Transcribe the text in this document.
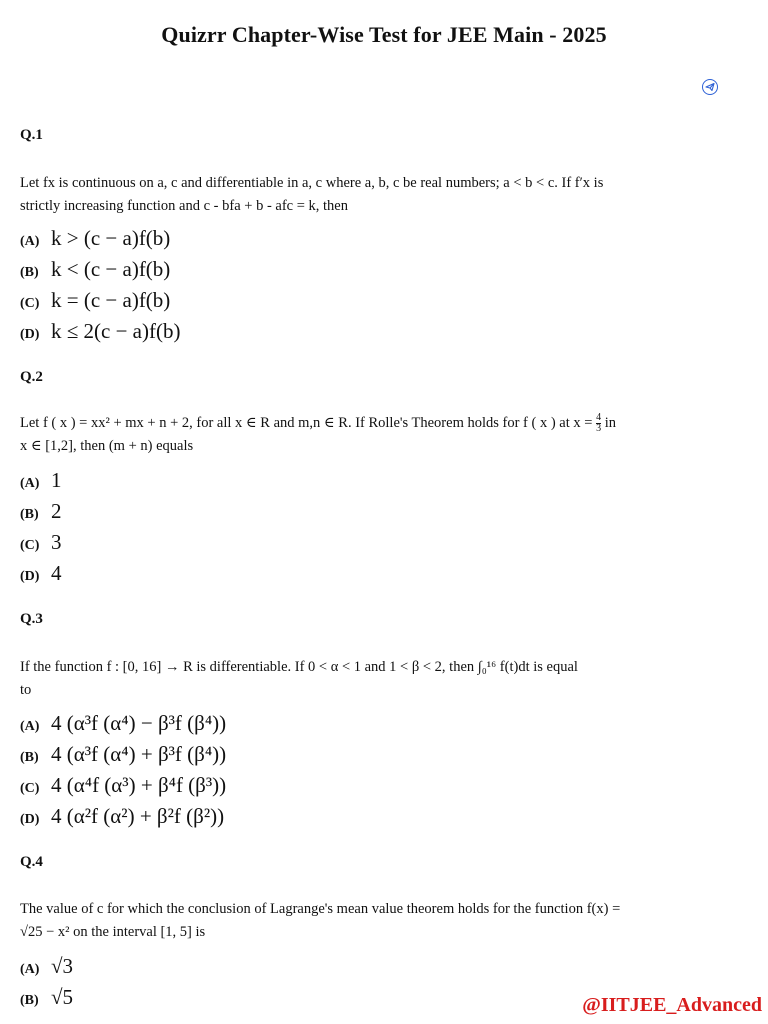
Quizrr Chapter-Wise Test for JEE Main - 2025
Q.1
Let fx is continuous on a, c and differentiable in a, c where a, b, c be real numbers; a < b < c. If f′x is
strictly increasing function and c - bfa + b - afc = k, then
(A) k > (c − a)f(b)
(B) k < (c − a)f(b)
(C) k = (c − a)f(b)
(D) k ≤ 2(c − a)f(b)
Q.2
Let f ( x ) = xx² + mx + n + 2, for all x ∈ R and m,n ∈ R. If Rolle's Theorem holds for f ( x ) at $x = \frac{4}{3}$ in
x ∈ [1,2], then (m + n) equals
(A) 1
(B) 2
(C) 3
(D) 4
Q.3
If the function f : [0, 16] → R is differentiable. If 0 < α < 1 and 1 < β < 2, then ∫₀¹⁶ f(t)dt is equal
to
(A) 4 (α³f (α⁴) − β³f (β⁴))
(B) 4 (α³f (α⁴) + β³f (β⁴))
(C) 4 (α⁴f (α³) + β⁴f (β³))
(D) 4 (α²f (α²) + β²f (β²))
Q.4
The value of c for which the conclusion of Lagrange's mean value theorem holds for the function f(x) =
√25 − x² on the interval [1, 5] is
(A) √3
(B) √5	@IITJEE_Advanced
